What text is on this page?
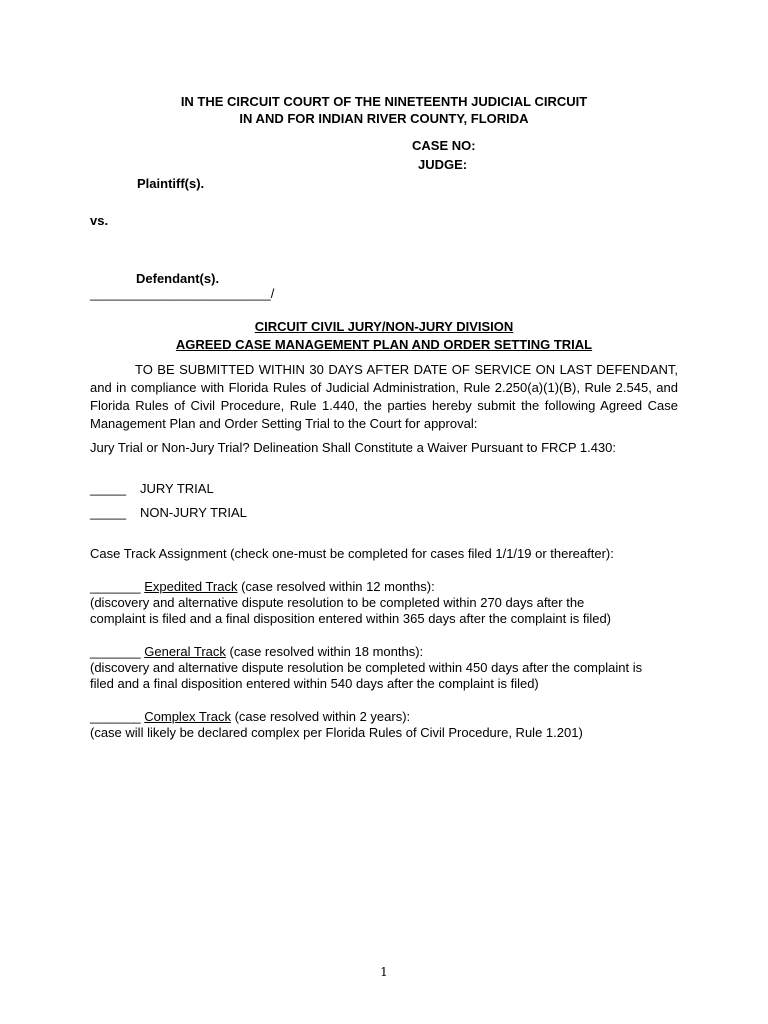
IN THE CIRCUIT COURT OF THE NINETEENTH JUDICIAL CIRCUIT
IN AND FOR INDIAN RIVER COUNTY, FLORIDA
CASE NO:
JUDGE:
Plaintiff(s).
vs.
Defendant(s).
_________________________/
CIRCUIT CIVIL JURY/NON-JURY DIVISION
AGREED CASE MANAGEMENT PLAN AND ORDER SETTING TRIAL
TO BE SUBMITTED WITHIN 30 DAYS AFTER DATE OF SERVICE ON LAST DEFENDANT, and in compliance with Florida Rules of Judicial Administration, Rule 2.250(a)(1)(B), Rule 2.545, and Florida Rules of Civil Procedure, Rule 1.440, the parties hereby submit the following Agreed Case Management Plan and Order Setting Trial to the Court for approval:
Jury Trial or Non-Jury Trial? Delineation Shall Constitute a Waiver Pursuant to FRCP 1.430:
_____ JURY TRIAL
_____ NON-JURY TRIAL
Case Track Assignment (check one-must be completed for cases filed 1/1/19 or thereafter):
_______ Expedited Track (case resolved within 12 months):
(discovery and alternative dispute resolution to be completed within 270 days after the
complaint is filed and a final disposition entered within 365 days after the complaint is filed)
_______ General Track (case resolved within 18 months):
(discovery and alternative dispute resolution be completed within 450 days after the complaint is
filed and a final disposition entered within 540 days after the complaint is filed)
_______ Complex Track (case resolved within 2 years):
(case will likely be declared complex per Florida Rules of Civil Procedure, Rule 1.201)
1
